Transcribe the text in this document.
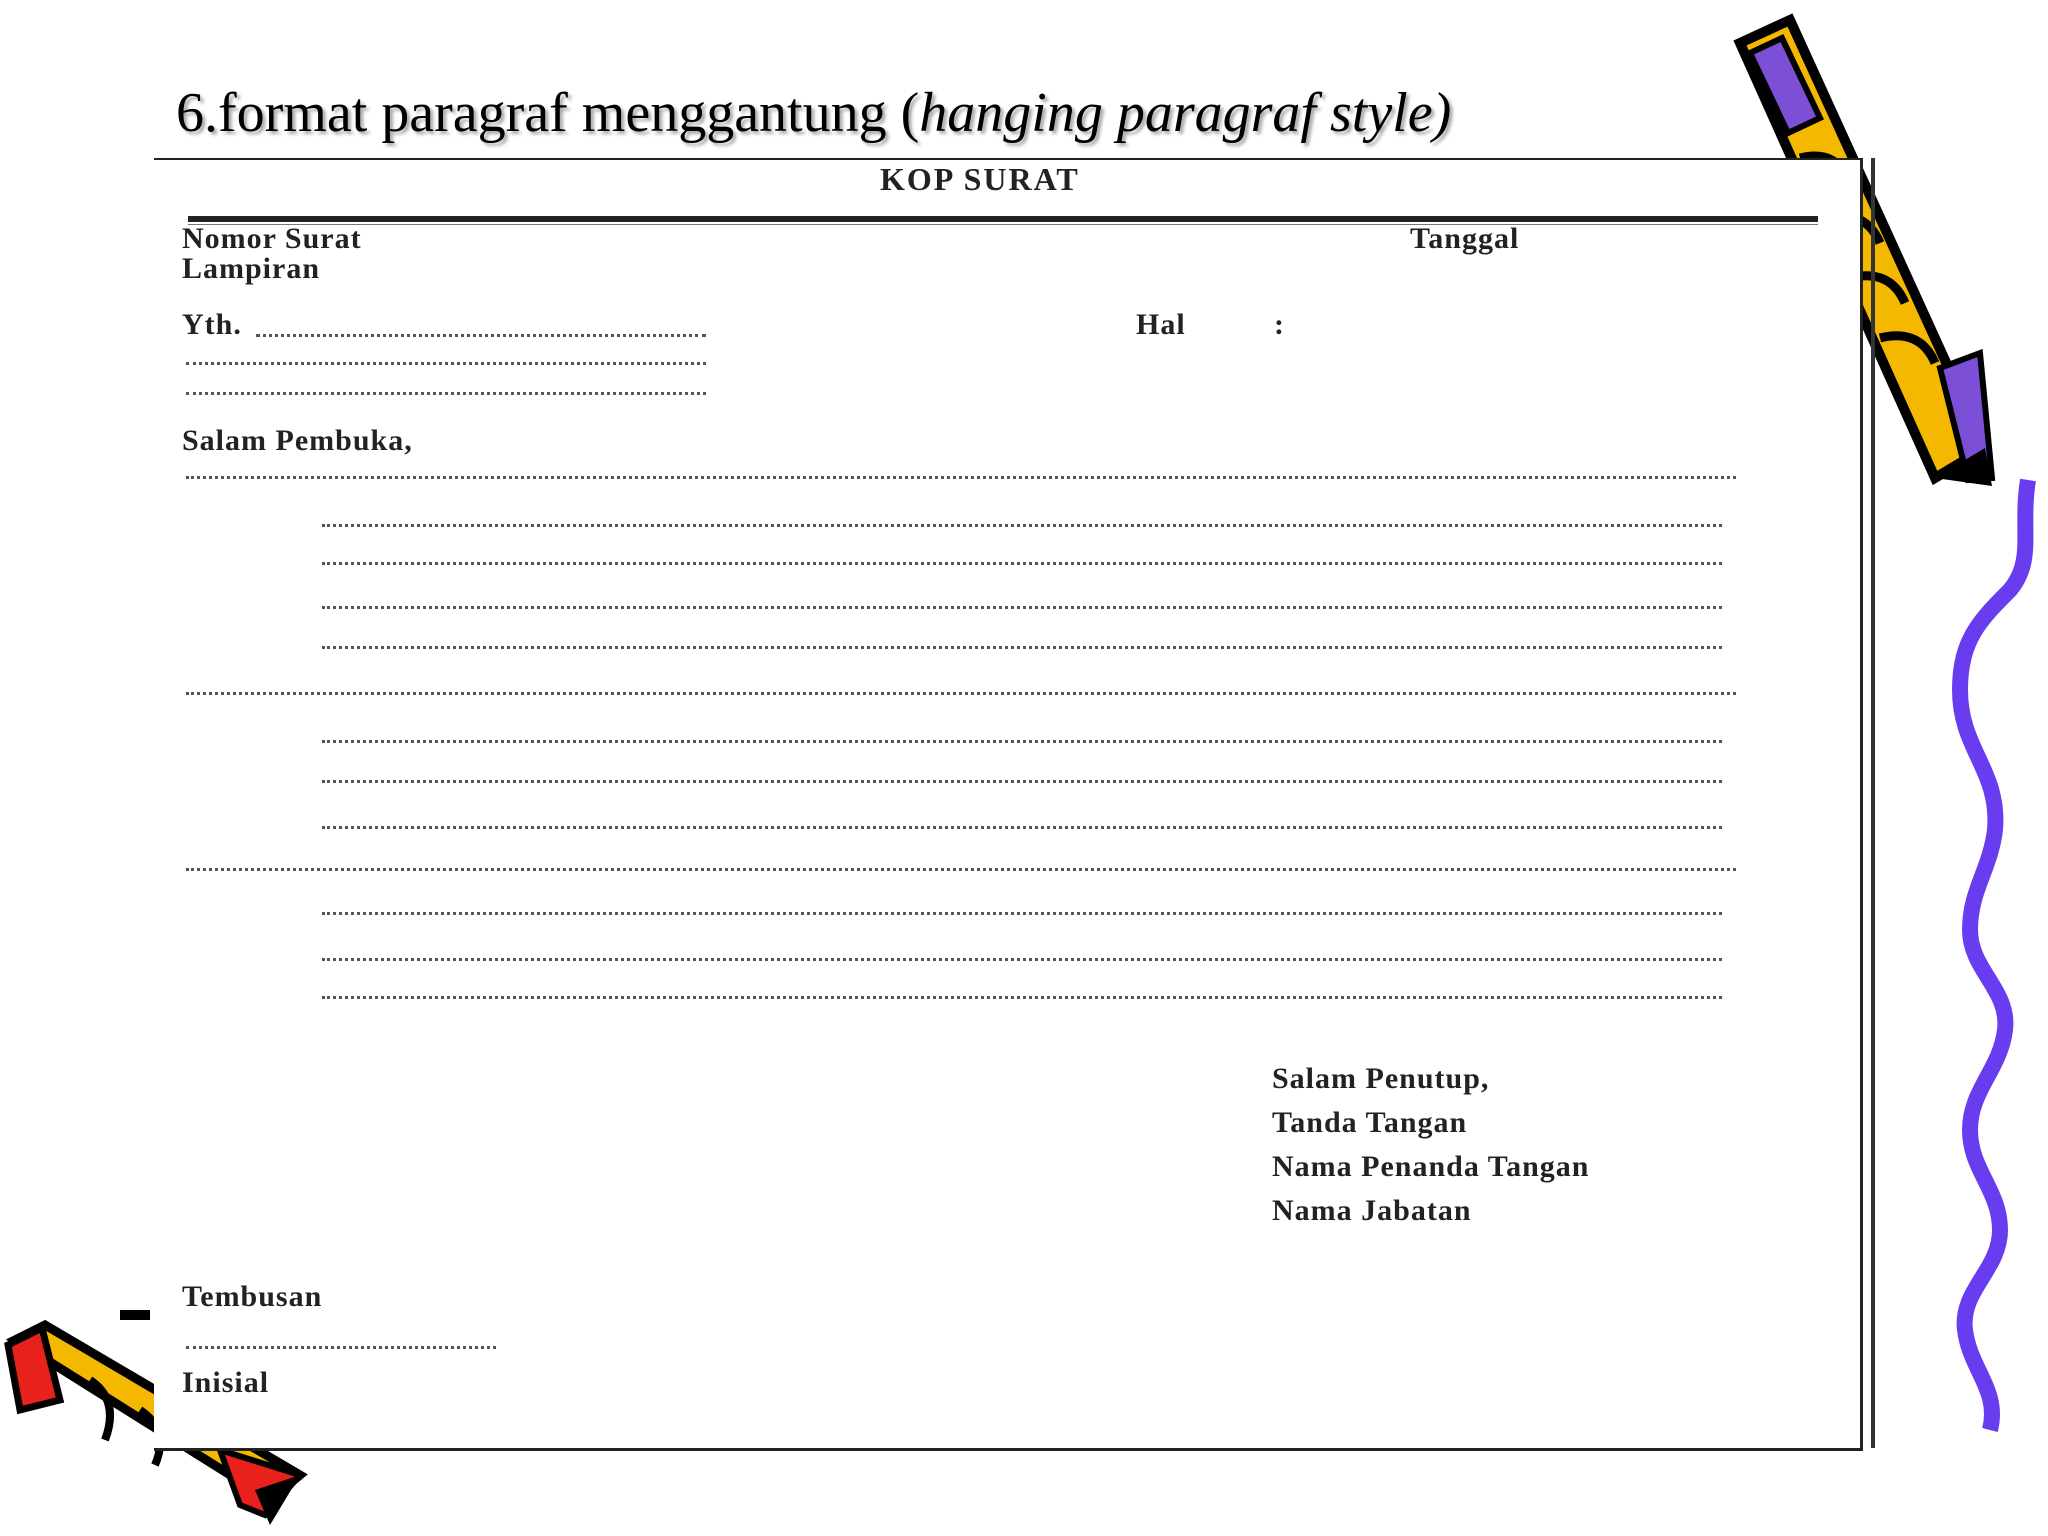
6.format paragraf menggantung (hanging paragraf style)
KOP SURAT
Nomor Surat
Lampiran
Tanggal
Yth.	Hal	:
Salam Pembuka,
Salam Penutup,
Tanda Tangan
Nama Penanda Tangan
Nama Jabatan
Tembusan
Inisial
